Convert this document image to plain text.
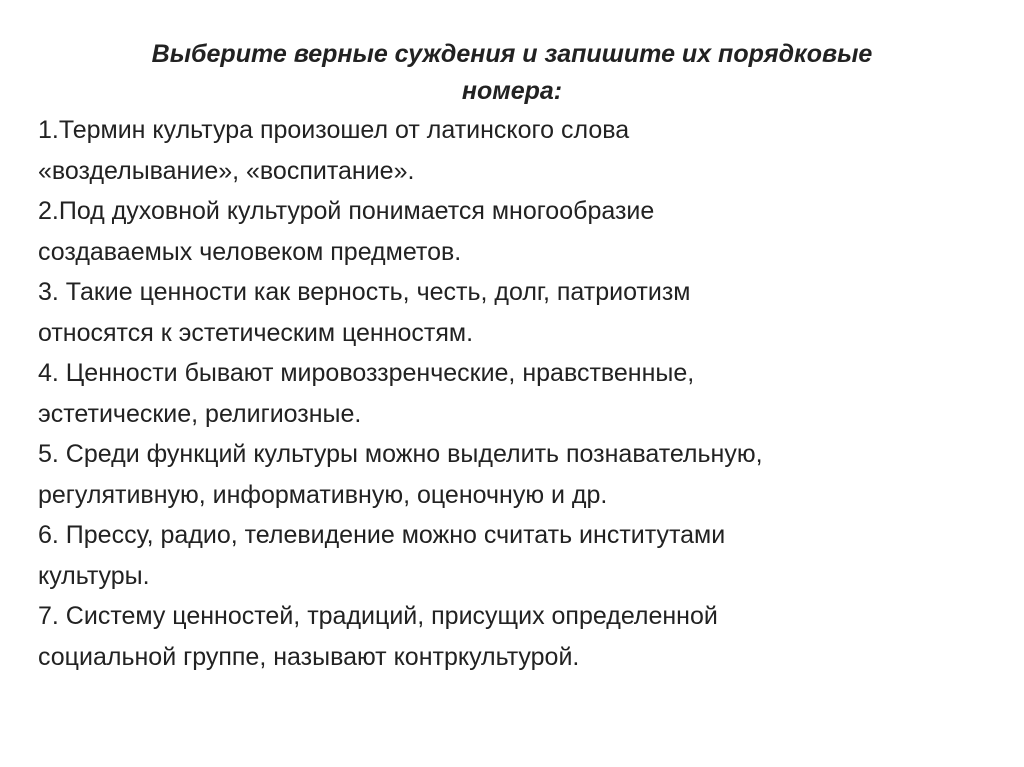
Выберите верные суждения и запишите их порядковые
номера:
1.Термин культура произошел от латинского слова
«возделывание», «воспитание».
2.Под духовной культурой понимается многообразие
создаваемых человеком предметов.
3. Такие ценности как верность, честь, долг, патриотизм
относятся к эстетическим ценностям.
4. Ценности бывают мировоззренческие, нравственные,
эстетические, религиозные.
5. Среди функций культуры можно выделить познавательную,
регулятивную, информативную, оценочную и др.
6. Прессу, радио, телевидение можно считать институтами
культуры.
7. Систему ценностей, традиций, присущих определенной
социальной группе, называют контркультурой.
